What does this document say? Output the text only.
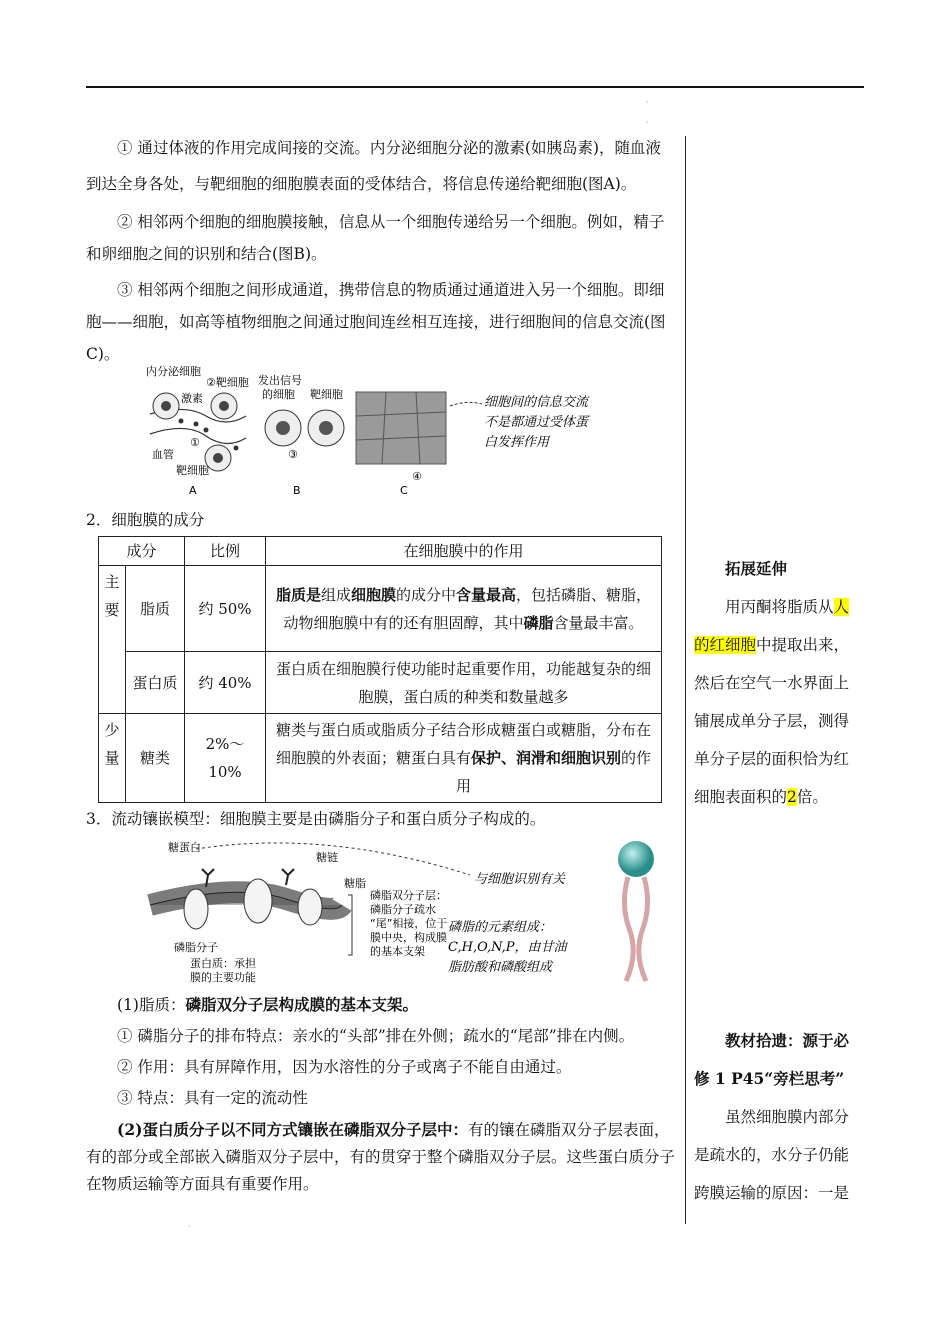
·
·
·

① 通过体液的作用完成间接的交流。内分泌细胞分泌的激素(如胰岛素)，随血液到达全身各处，与靶细胞的细胞膜表面的受体结合，将信息传递给靶细胞(图A)。

② 相邻两个细胞的细胞膜接触，信息从一个细胞传递给另一个细胞。例如，精子和卵细胞之间的识别和结合(图B)。

③ 相邻两个细胞之间形成通道，携带信息的物质通过通道进入另一个细胞。即细胞——细胞，如高等植物细胞之间通过胞间连丝相互连接，进行细胞间的信息交流(图C)。

内分泌细胞
激素
血管
①
靶细胞
②靶细胞 发出信号
的细胞 靶细胞
③
④
细胞间的信息交流
不是都通过受体蛋
白发挥作用
A	B	C
2．细胞膜的成分
成分		比例	在细胞膜中的作用
主要	脂质	约 50%	脂质是组成细胞膜的成分中含量最高，包括磷脂、糖脂，动物细胞膜中有的还有胆固醇，其中磷脂含量最丰富。
	蛋白质	约 40%	蛋白质在细胞膜行使功能时起重要作用，功能越复杂的细胞膜，蛋白质的种类和数量越多
少量	糖类	2%～10%	糖类与蛋白质或脂质分子结合形成糖蛋白或糖脂，分布在细胞膜的外表面；糖蛋白具有保护、润滑和细胞识别的作用
3．流动镶嵌模型：细胞膜主要是由磷脂分子和蛋白质分子构成的。
糖蛋白
糖链
糖脂
磷脂分子
蛋白质：承担
膜的主要功能
磷脂双分子层：
磷脂分子疏水
“尾”相接，位于
膜中央，构成膜
的基本支架
与细胞识别有关
磷脂的元素组成：
C,H,O,N,P，由甘油
脂肪酸和磷酸组成

(1)脂质：磷脂双分子层构成膜的基本支架。

① 磷脂分子的排布特点：亲水的“头部”排在外侧；疏水的“尾部”排在内侧。

② 作用：具有屏障作用，因为水溶性的分子或离子不能自由通过。

③ 特点：具有一定的流动性

(2)蛋白质分子以不同方式镶嵌在磷脂双分子层中：有的镶在磷脂双分子层表面，有的部分或全部嵌入磷脂双分子层中，有的贯穿于整个磷脂双分子层。这些蛋白质分子在物质运输等方面具有重要作用。

拓展延伸

用丙酮将脂质从人的红细胞中提取出来，然后在空气一水界面上铺展成单分子层，测得单分子层的面积恰为红细胞表面积的2倍。

教材拾遗：源于必修 1 P45“旁栏思考”

虽然细胞膜内部分是疏水的，水分子仍能跨膜运输的原因：一是
